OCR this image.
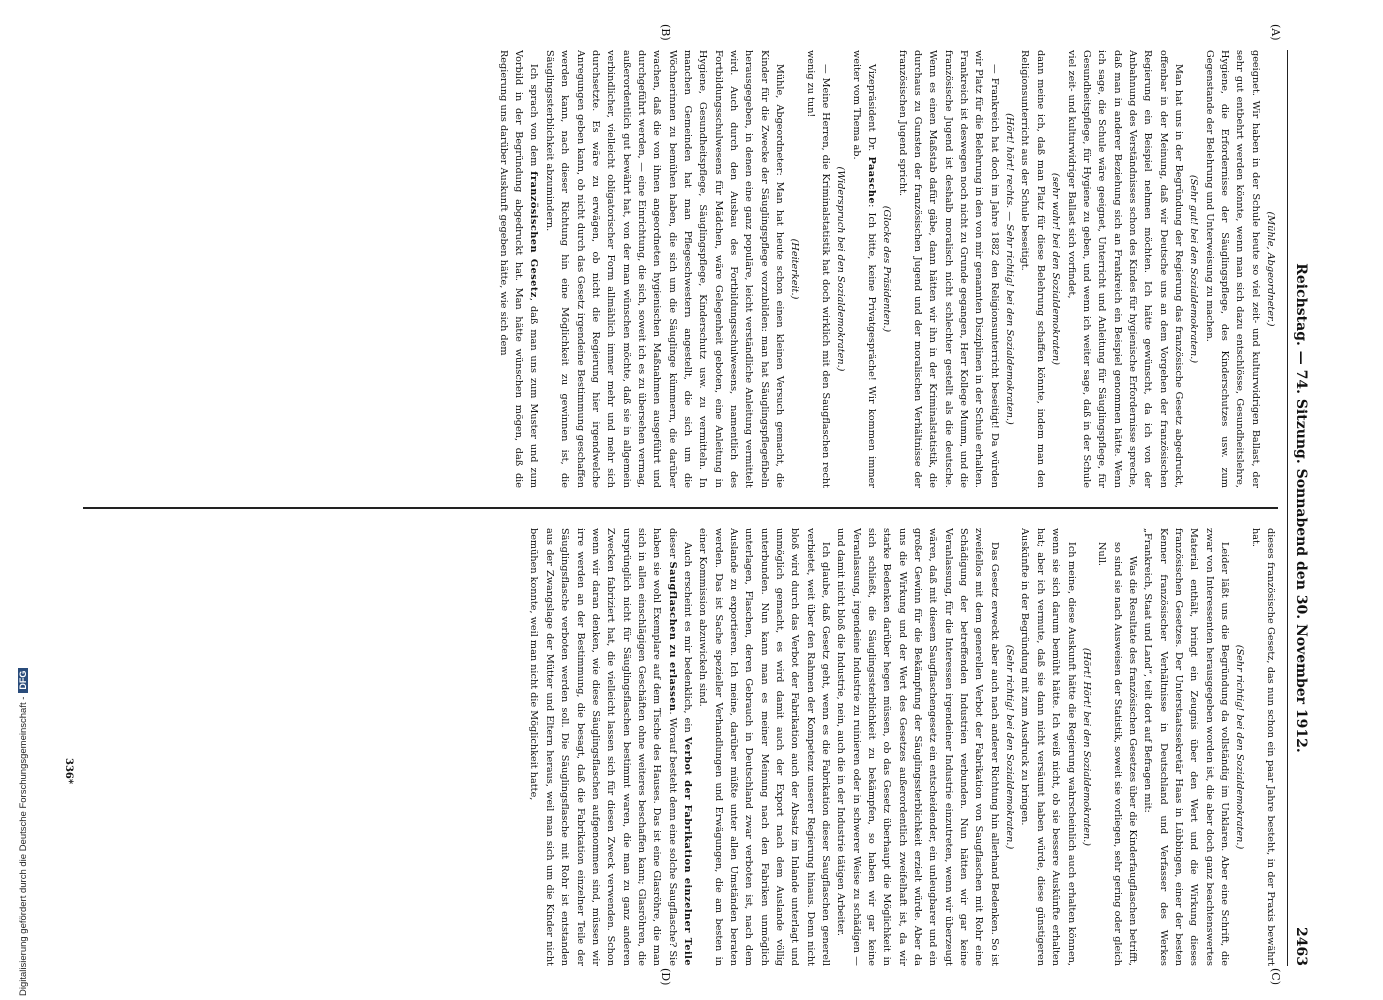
Reichstag. — 74. Sitzung. Sonnabend den 30. November 1912.
2463
(A)
(B)
(C)
(D)

(Mühle, Abgeordneter.)

geeignet. Wir haben in der Schule heute so viel zeit- und kulturwidrigen Ballast, der sehr gut entbehrt werden könnte, wenn man sich dazu entschlösse, Gesundheitslehre, Hygiene, die Erfordernisse der Säuglingspflege, des Kinderschutzes usw. zum Gegenstande der Belehrung und Unterweisung zu machen.

(Sehr gut! bei den Sozialdemokraten.)

Man hat uns in der Begründung der Regierung das französische Gesetz abgedruckt, offenbar in der Meinung, daß wir Deutsche uns an dem Vorgehen der französischen Regierung ein Beispiel nehmen möchten. Ich hätte gewünscht, da ich von der Anbahnung des Verständnisses schon des Kindes für hygienische Erfordernisse spreche, daß man in anderer Beziehung sich an Frankreich ein Beispiel genommen hätte. Wenn ich sage, die Schule wäre geeignet, Unterricht und Anleitung für Säuglingspflege, für Gesundheitspflege, für Hygiene zu geben, und wenn ich weiter sage, daß in der Schule viel zeit- und kulturwidriger Ballast sich vorfindet,

(sehr wahr! bei den Sozialdemokraten)

dann meine ich, daß man Platz für diese Belehrung schaffen könnte, indem man den Religionsunterricht aus der Schule beseitigt.

(Hört! hört! rechts. — Sehr richtig! bei den Sozialdemokraten.)

— Frankreich hat doch im Jahre 1882 den Religionsunterricht beseitigt! Da würden wir Platz für die Belehrung in den von mir genannten Disziplinen in der Schule erhalten. Frankreich ist deswegen noch nicht zu Grunde gegangen, Herr Kollege Mumm, und die französische Jugend ist deshalb moralisch nicht schlechter gestellt als die deutsche. Wenn es einen Maßstab dafür gäbe, dann hätten wir ihn in der Kriminalstatistik, die durchaus zu Gunsten der französischen Jugend und der moralischen Verhältnisse der französischen Jugend spricht.

(Glocke des Präsidenten.)

Vizepräsident Dr. Paasche: Ich bitte, keine Privatgespräche! Wir kommen immer weiter vom Thema ab.

(Widerspruch bei den Sozialdemokraten.)

— Meine Herren, die Kriminalstatistik hat doch wirklich mit den Saugflaschen recht wenig zu tun!

(Heiterkeit.)

Mühle, Abgeordneter: Man hat heute schon einen kleinen Versuch gemacht, die Kinder für die Zwecke der Säuglingspflege vorzubilden: man hat Säuglingspflegefibeln herausgegeben, in denen eine ganz populäre, leicht verständliche Anleitung vermittelt wird. Auch durch den Ausbau des Fortbildungsschulwesens, namentlich des Fortbildungsschulwesens für Mädchen, wäre Gelegenheit geboten, eine Anleitung in Hygiene, Gesundheitspflege, Säuglingspflege, Kinderschutz usw. zu vermitteln. In manchen Gemeinden hat man Pflegeschwestern angestellt, die sich um die Wöchnerinnen zu bemühen haben, die sich um die Säuglinge kümmern, die darüber wachen, daß die von ihnen angeordneten hygienischen Maßnahmen ausgeführt und durchgeführt werden, — eine Einrichtung, die sich, soweit ich es zu übersehen vermag, außerordentlich gut bewährt hat, von der man wünschen möchte, daß sie in allgemein verbindlicher, vielleicht obligatorischer Form allmählich immer mehr und mehr sich durchsetzte. Es wäre zu erwägen, ob nicht die Regierung hier irgendwelche Anregungen geben kann, ob nicht durch das Gesetz irgendeine Bestimmung geschaffen werden kann, nach dieser Richtung hin eine Möglichkeit zu gewinnen ist, die Säuglingssterblichkeit abzumindern.

Ich sprach von dem französischen Gesetz, daß man uns zum Muster und zum Vorbild in der Begründung abgedruckt hat. Man hätte wünschen mögen, daß die Regierung uns darüber Auskunft gegeben hätte, wie sich dem

dieses französische Gesetz, das nun schon ein paar Jahre besteht, in der Praxis bewährt hat.

(Sehr richtig! bei den Sozialdemokraten.)

Leider läßt uns die Begründung da vollständig im Unklaren. Aber eine Schrift, die zwar von Interessenten herausgegeben worden ist, die aber doch ganz beachtenswertes Material enthält, bringt ein Zeugnis über den Wert und die Wirkung dieses französischen Gesetzes. Der Unterstaatssekretär Haas in Lübbingen, einer der besten Kenner französischer Verhältnisse in Deutschland und Verfasser des Werkes „Frankreich, Staat und Land“, teilt dort auf Befragen mit:

Was die Resultate des französischen Gesetzes über die Kinderfaugflaschen betrifft, so sind sie nach Ausweisen der Statistik, soweit sie vorliegen, sehr gering oder gleich Null.

(Hört! Hört! bei den Sozialdemokraten.)

Ich meine, diese Auskunft hätte die Regierung wahrscheinlich auch erhalten können, wenn sie sich darum bemüht hätte. Ich weiß nicht, ob sie bessere Auskünfte erhalten hat; aber ich vermute, daß sie dann nicht versäumt haben würde, diese günstigeren Auskünfte in der Begründung mit zum Ausdruck zu bringen.

(Sehr richtig! bei den Sozialdemokraten.)

Das Gesetz erweckt aber auch nach anderer Richtung hin allerhand Bedenken. So ist zweifellos mit dem generellen Verbot der Fabrikation von Saugflaschen mit Rohr eine Schädigung der betreffenden Industrien verbunden. Nun hätten wir gar keine Veranlassung, für die Interessen irgendeiner Industrie einzutreten, wenn wir überzeugt wären, daß mit diesem Saugflaschengesetz ein entscheidender, ein unleugbarer und ein großer Gewinn für die Bekämpfung der Säuglingssterblichkeit erzielt würde. Aber da uns die Wirkung und der Wert des Gesetzes außerordentlich zweifelhaft ist, da wir starke Bedenken darüber hegen müssen, ob das Gesetz überhaupt die Möglichkeit in sich schließt, die Säuglingssterblichkeit zu bekämpfen, so haben wir gar keine Veranlassung, irgendeine Industrie zu ruinieren oder in schwerer Weise zu schädigen — und damit nicht bloß die Industrie, nein, auch die in der Industrie tätigen Arbeiter.

Ich glaube, daß Gesetz geht, wenn es die Fabrikation dieser Saugflaschen generell verbietet, weit über den Rahmen der Kompetenz unserer Regierung hinaus. Denn nicht bloß wird durch das Verbot der Fabrikation auch der Absatz im Inlande unterlagt und unmöglich gemacht, es wird damit auch der Export nach dem Auslande völlig unterbunden. Nun kann man es meiner Meinung nach den Fabriken unmöglich unterlagen, Flaschen, deren Gebrauch in Deutschland zwar verboten ist, nach dem Auslande zu exportieren. Ich meine, darüber müßte unter allen Umständen beraten werden. Das ist Sache spezieller Verhandlungen und Erwägungen, die am besten in einer Kommission abzuwickeln sind.

Auch erscheint es mir bedenklich, ein Verbot der Fabrikation einzelner Teile dieser Saugflaschen zu erlassen. Worauf besteht denn eine solche Saugflasche? Sie haben sie wohl Exemplare auf dem Tische des Hauses. Das ist eine Glasröhre, die man sich in allen einschlägigen Geschäften ohne weiteres beschaffen kann; Glasröhren, die ursprünglich nicht für Säuglingsflaschen bestimmt waren, die man zu ganz anderen Zwecken fabriziert hat, die vielleicht lassen sich für diesen Zweck verwenden. Schon wenn wir daran denken, wie diese Säuglingsflaschen aufgenommen sind, müssen wir irre werden an der Bestimmung, die besagt, daß die Fabrikation einzelner Teile der Säuglingsflasche verboten werden soll. Die Säuglingsflasche mit Rohr ist entstanden aus der Zwangslage der Mütter und Eltern heraus, weil man sich um die Kinder nicht bemühen konnte, weil man nicht die Möglichkeit hatte,

336*
Digitalisierung gefördert durch die Deutsche Forschungsgemeinschaft -DFG
